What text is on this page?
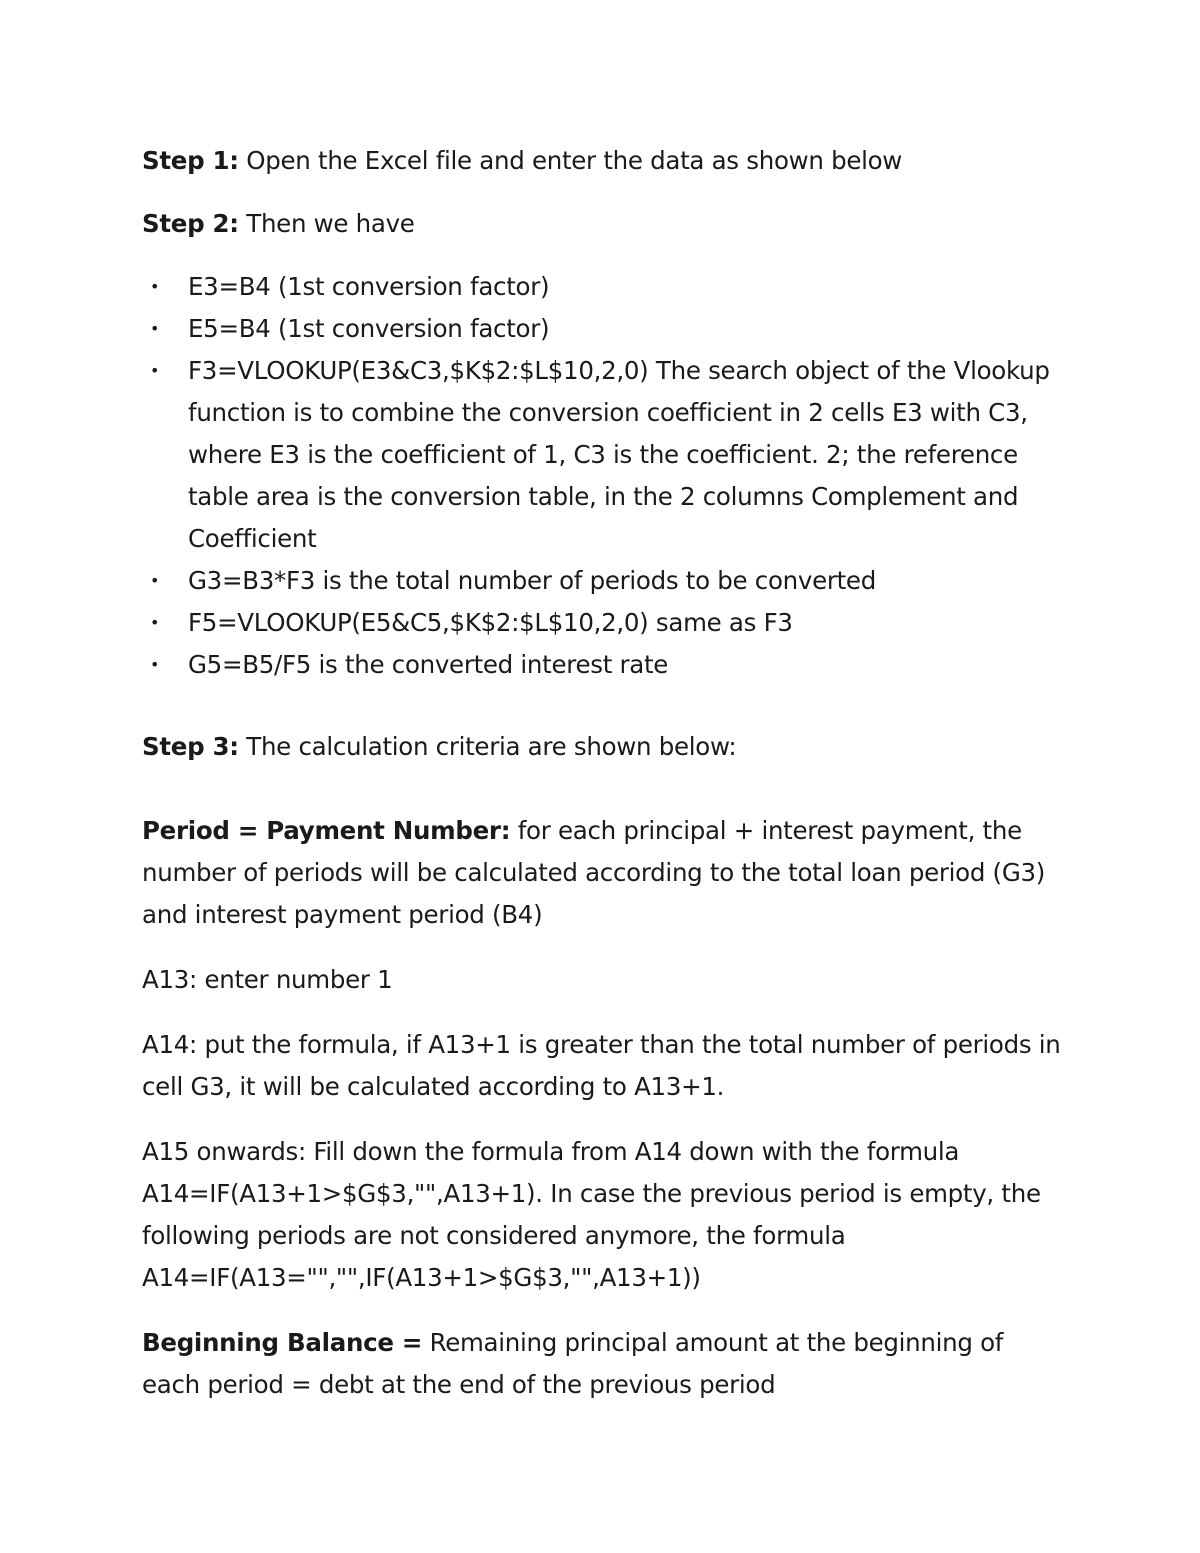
Step 1: Open the Excel file and enter the data as shown below

Step 2: Then we have

• E3=B4 (1st conversion factor)
• E5=B4 (1st conversion factor)
• F3=VLOOKUP(E3&C3,$K$2:$L$10,2,0) The search object of the Vlookup function is to combine the conversion coefficient in 2 cells E3 with C3, where E3 is the coefficient of 1, C3 is the coefficient. 2; the reference table area is the conversion table, in the 2 columns Complement and Coefficient
• G3=B3*F3 is the total number of periods to be converted
• F5=VLOOKUP(E5&C5,$K$2:$L$10,2,0) same as F3
• G5=B5/F5 is the converted interest rate

Step 3: The calculation criteria are shown below:

Period = Payment Number: for each principal + interest payment, the number of periods will be calculated according to the total loan period (G3) and interest payment period (B4)

A13: enter number 1

A14: put the formula, if A13+1 is greater than the total number of periods in cell G3, it will be calculated according to A13+1.

A15 onwards: Fill down the formula from A14 down with the formula A14=IF(A13+1>$G$3,"",A13+1). In case the previous period is empty, the following periods are not considered anymore, the formula A14=IF(A13="","",IF(A13+1>$G$3,"",A13+1))

Beginning Balance = Remaining principal amount at the beginning of each period = debt at the end of the previous period
